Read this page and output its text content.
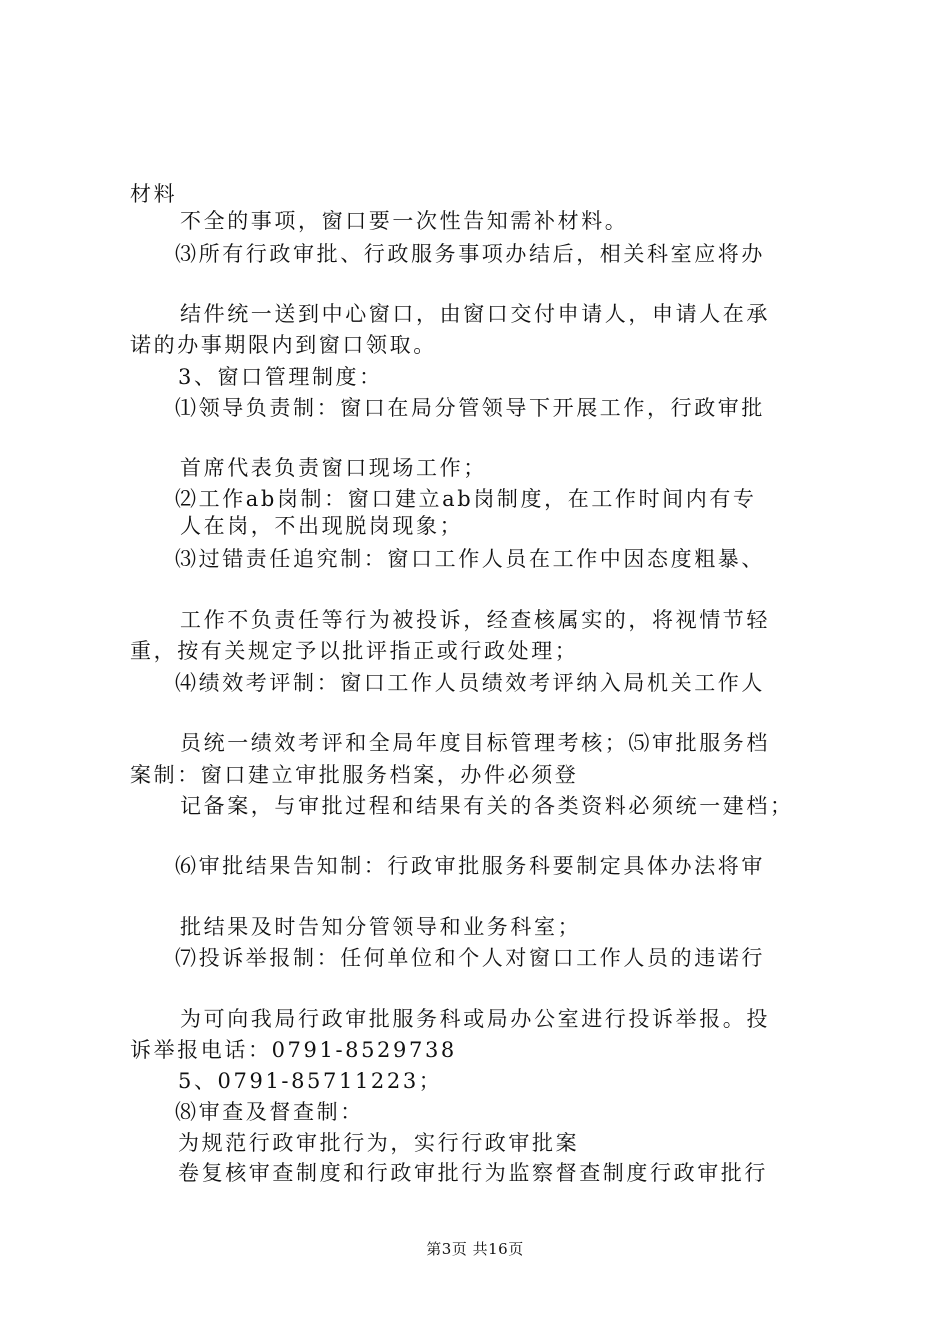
材料
不全的事项，窗口要一次性告知需补材料。
⑶所有行政审批、行政服务事项办结后，相关科室应将办
结件统一送到中心窗口，由窗口交付申请人，申请人在承
诺的办事期限内到窗口领取。
3、窗口管理制度：
⑴领导负责制：窗口在局分管领导下开展工作，行政审批
首席代表负责窗口现场工作；
⑵工作ab岗制：窗口建立ab岗制度，在工作时间内有专
人在岗，不出现脱岗现象；
⑶过错责任追究制：窗口工作人员在工作中因态度粗暴、
工作不负责任等行为被投诉，经查核属实的，将视情节轻
重，按有关规定予以批评指正或行政处理；
⑷绩效考评制：窗口工作人员绩效考评纳入局机关工作人
员统一绩效考评和全局年度目标管理考核；⑸审批服务档
案制：窗口建立审批服务档案，办件必须登
记备案，与审批过程和结果有关的各类资料必须统一建档；
⑹审批结果告知制：行政审批服务科要制定具体办法将审
批结果及时告知分管领导和业务科室；
⑺投诉举报制：任何单位和个人对窗口工作人员的违诺行
为可向我局行政审批服务科或局办公室进行投诉举报。投
诉举报电话：0791-8529738
5、0791-85711223；
⑻审查及督查制：
为规范行政审批行为，实行行政审批案
卷复核审查制度和行政审批行为监察督查制度行政审批行
第3页 共16页
